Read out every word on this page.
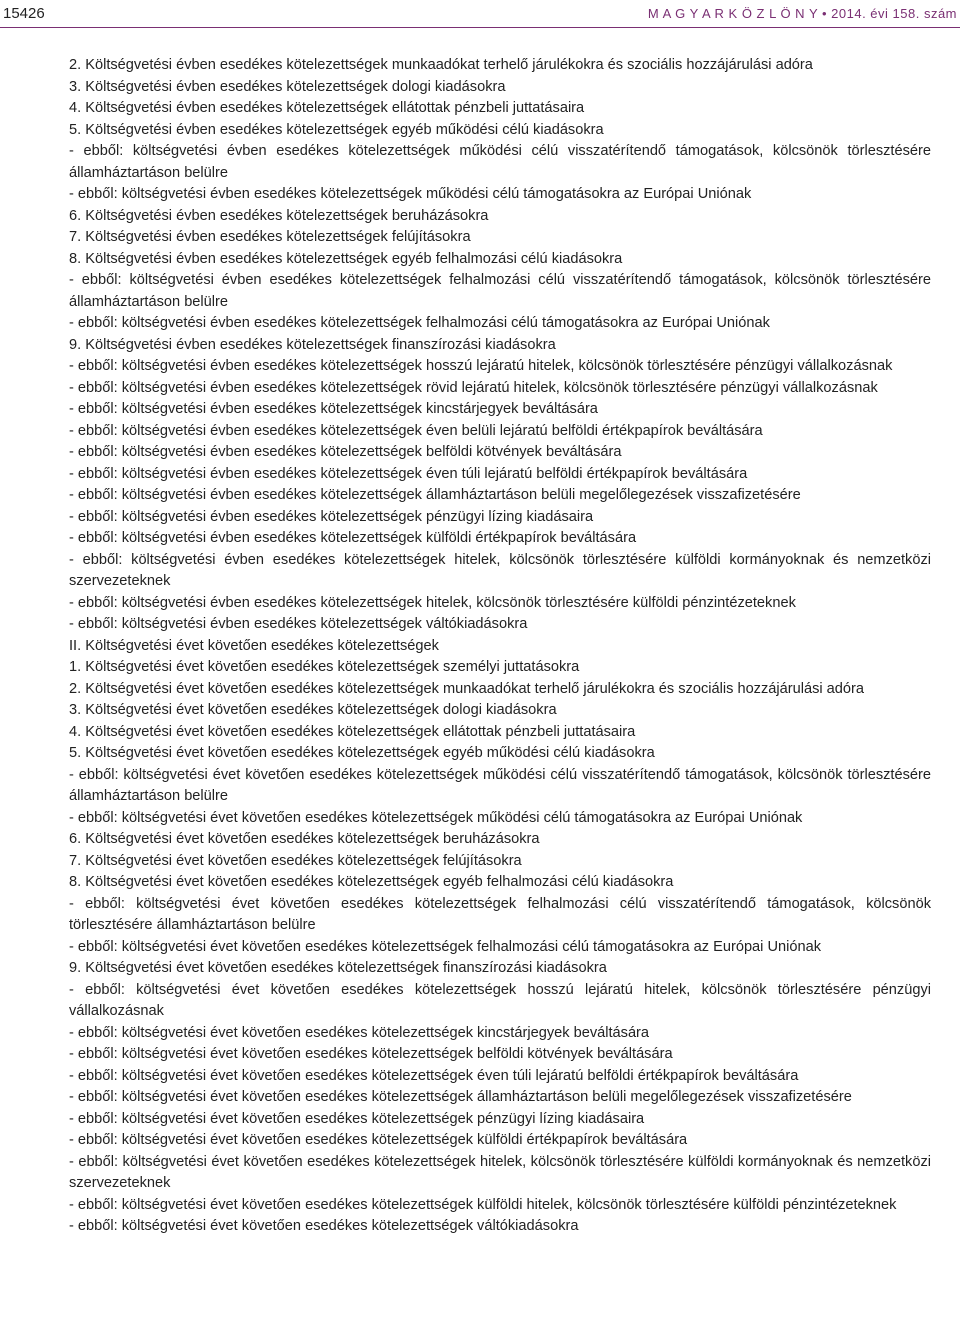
15426	M A G Y A R K Ö Z L Ö N Y • 2014. évi 158. szám
2. Költségvetési évben esedékes kötelezettségek munkaadókat terhelő járulékokra és szociális hozzájárulási adóra
3. Költségvetési évben esedékes kötelezettségek dologi kiadásokra
4. Költségvetési évben esedékes kötelezettségek ellátottak pénzbeli juttatásaira
5. Költségvetési évben esedékes kötelezettségek egyéb működési célú kiadásokra
- ebből: költségvetési évben esedékes kötelezettségek működési célú visszatérítendő támogatások, kölcsönök törlesztésére államháztartáson belülre
- ebből: költségvetési évben esedékes kötelezettségek működési célú támogatásokra az Európai Uniónak
6. Költségvetési évben esedékes kötelezettségek beruházásokra
7. Költségvetési évben esedékes kötelezettségek felújításokra
8. Költségvetési évben esedékes kötelezettségek egyéb felhalmozási célú kiadásokra
- ebből: költségvetési évben esedékes kötelezettségek felhalmozási célú visszatérítendő támogatások, kölcsönök törlesztésére államháztartáson belülre
- ebből: költségvetési évben esedékes kötelezettségek felhalmozási célú támogatásokra az Európai Uniónak
9. Költségvetési évben esedékes kötelezettségek finanszírozási kiadásokra
- ebből: költségvetési évben esedékes kötelezettségek hosszú lejáratú hitelek, kölcsönök törlesztésére pénzügyi vállalkozásnak
- ebből: költségvetési évben esedékes kötelezettségek rövid lejáratú hitelek, kölcsönök törlesztésére pénzügyi vállalkozásnak
- ebből: költségvetési évben esedékes kötelezettségek kincstárjegyek beváltására
- ebből: költségvetési évben esedékes kötelezettségek éven belüli lejáratú belföldi értékpapírok beváltására
- ebből: költségvetési évben esedékes kötelezettségek belföldi kötvények beváltására
- ebből: költségvetési évben esedékes kötelezettségek éven túli lejáratú belföldi értékpapírok beváltására
- ebből: költségvetési évben esedékes kötelezettségek államháztartáson belüli megelőlegezések visszafizetésére
- ebből: költségvetési évben esedékes kötelezettségek pénzügyi lízing kiadásaira
- ebből: költségvetési évben esedékes kötelezettségek külföldi értékpapírok beváltására
- ebből: költségvetési évben esedékes kötelezettségek hitelek, kölcsönök törlesztésére külföldi kormányoknak és nemzetközi szervezeteknek
- ebből: költségvetési évben esedékes kötelezettségek hitelek, kölcsönök törlesztésére külföldi pénzintézeteknek
- ebből: költségvetési évben esedékes kötelezettségek váltókiadásokra
II. Költségvetési évet követően esedékes kötelezettségek
1. Költségvetési évet követően esedékes kötelezettségek személyi juttatásokra
2. Költségvetési évet követően esedékes kötelezettségek munkaadókat terhelő járulékokra és szociális hozzájárulási adóra
3. Költségvetési évet követően esedékes kötelezettségek dologi kiadásokra
4. Költségvetési évet követően esedékes kötelezettségek ellátottak pénzbeli juttatásaira
5. Költségvetési évet követően esedékes kötelezettségek egyéb működési célú kiadásokra
- ebből: költségvetési évet követően esedékes kötelezettségek működési célú visszatérítendő támogatások, kölcsönök törlesztésére államháztartáson belülre
- ebből: költségvetési évet követően esedékes kötelezettségek működési célú támogatásokra az Európai Uniónak
6. Költségvetési évet követően esedékes kötelezettségek beruházásokra
7. Költségvetési évet követően esedékes kötelezettségek felújításokra
8. Költségvetési évet követően esedékes kötelezettségek egyéb felhalmozási célú kiadásokra
- ebből: költségvetési évet követően esedékes kötelezettségek felhalmozási célú visszatérítendő támogatások, kölcsönök törlesztésére államháztartáson belülre
- ebből: költségvetési évet követően esedékes kötelezettségek felhalmozási célú támogatásokra az Európai Uniónak
9. Költségvetési évet követően esedékes kötelezettségek finanszírozási kiadásokra
- ebből: költségvetési évet követően esedékes kötelezettségek hosszú lejáratú hitelek, kölcsönök törlesztésére pénzügyi vállalkozásnak
- ebből: költségvetési évet követően esedékes kötelezettségek kincstárjegyek beváltására
- ebből: költségvetési évet követően esedékes kötelezettségek belföldi kötvények beváltására
- ebből: költségvetési évet követően esedékes kötelezettségek éven túli lejáratú belföldi értékpapírok beváltására
- ebből: költségvetési évet követően esedékes kötelezettségek államháztartáson belüli megelőlegezések visszafizetésére
- ebből: költségvetési évet követően esedékes kötelezettségek pénzügyi lízing kiadásaira
- ebből: költségvetési évet követően esedékes kötelezettségek külföldi értékpapírok beváltására
- ebből: költségvetési évet követően esedékes kötelezettségek hitelek, kölcsönök törlesztésére külföldi kormányoknak és nemzetközi szervezeteknek
- ebből: költségvetési évet követően esedékes kötelezettségek külföldi hitelek, kölcsönök törlesztésére külföldi pénzintézeteknek
- ebből: költségvetési évet követően esedékes kötelezettségek váltókiadásokra
